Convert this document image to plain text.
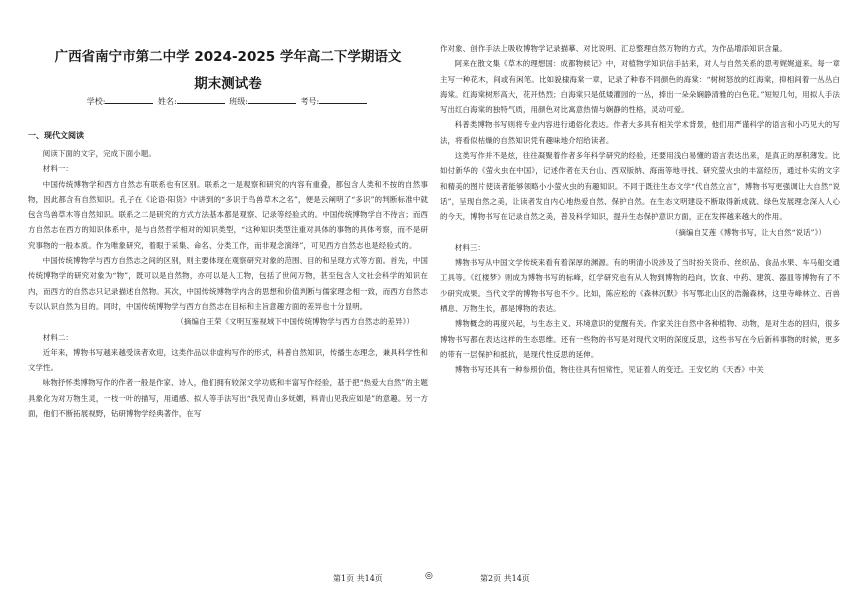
广西省南宁市第二中学 2024-2025 学年高二下学期语文
期末测试卷
学校:	姓名:	班级:	考号:
一、现代文阅读

阅读下面的文字，完成下面小题。

材料一：

中国传统博物学和西方自然志有联系也有区别。联系之一是观察和研究的内容有重叠，都包含人类和不按的自然事物，因此都含有自然知识。孔子在《论语·阳货》中讲到的“多识于鸟兽草木之名”，便是云阐明了“多识”的判断标准中就包含鸟兽草木等自然知识。联系之二是研究的方式方法基本都是观察、记录等经验式的。中国传统博物学自不待言；而西方自然志在西方的知识体系中，是与自然哲学相对的知识类型，“这种知识类型注重对具体的事物的具体考察，而不是研究事物的一般本质。作为唯象研究，着眼于采集、命名、分类工作，而非观念演绎”，可见西方自然志也是经验式的。

中国传统博物学与西方自然志之间的区别，则主要体现在观察研究对象的范围、目的和呈现方式等方面。首先，中国传统博物学的研究对象为“物”，既可以是自然物，亦可以是人工物，包括了世间万物，甚至包含人文社会科学的知识在内，而西方的自然志只记录描述自然物。其次，中国传统博物学内含的思想和价值判断与儒家理念相一致，而西方自然志专以认识自然为目的。同时，中国传统博物学与西方自然志在目标和主旨意趣方面的差异也十分显明。

（摘编自王荣《文明互鉴视域下中国传统博物学与西方自然志的差异》）

材料二：

近年来，博物书写越来越受读者欢迎，这类作品以非虚构写作的形式，科普自然知识，传播生态理念，兼具科学性和文学性。

咏物抒怀类博物写作的作者一般是作家、诗人，他们拥有较深文学功底和丰富写作经验，基于把“热爱大自然”的主题具象化为对万物生灵，一枝一叶的描写，用通感、拟人等手法写出“我见青山多妩媚，料青山见我应如是”的意趣。另一方面，他们不断拓展视野，钻研博物学经典著作，在写

作对象、创作手法上吸收博物学记录描摹、对比说明、汇总整理自然万物的方式，为作品增添知识含量。

阿来在散文集《草木的理想国：成都物候记》中，对植物学知识信手拈来，对人与自然关系的思考娓娓道来。每一章主写一种花木，间或有闲笔。比如貌棣海棠一章，记录了种春不同颜色的海棠：“树树怒放的红海棠，抑相间着一丛丛白海棠。红海棠树形高大，花开热烈；白海棠只是低矮灌园的一丛，捧出一朵朵娴静清雅的白色花。”短短几句，用拟人手法写出红白海棠的独特气质，用颜色对比寓意热情与娴静的性格，灵动可爱。

科普类博物书写则将专业内容进行通俗化表达。作者大多具有相关学术背景，他们用严谨科学的语言和小巧见大的写法，将看似枯燥的自然知识凭有趣味地介绍给读者。

这类写作并不是炫，往往凝聚着作者多年科学研究的经验，还要用浅白易懂的语言表达出来，是真正的厚积薄发。比如付新华的《萤火虫在中国》，记述作者在天台山、西双版纳、海南等地寻找、研究萤火虫的丰富经历，通过朴实的文字和精美的图片使读者能够领略小小萤火虫的有趣知识。不同于既往生态文学“代自然立言”，博物书写更强调让大自然“说话”，呈现自然之美，让读者发自内心地热爱自然、保护自然。在生态文明建设不断取得新成就、绿色发展理念深入人心的今天，博物书写在记录自然之美，普及科学知识，提升生态保护意识方面，正在发挥越来越大的作用。

（摘编自艾莲《博物书写，让大自然“说话”》）

材料三：

博物书写从中国文学传统来看有着深厚的渊源。有的明清小说涉及了当时扮关货币、丝织品、食品水果、车马船交通工具等。《红楼梦》则成为博物书写的标峰，红学研究也有从人物到博物的趋向，饮食、中药、建筑、器皿等博物有了不少研究成果。当代文学的博物书写也不少。比如，陈应松的《森林沉默》书写鄂北山区的浩瀚森林，这里寺峰林立、百兽栖息、万物生长，都是博物的表达。

博物概念的再度兴起，与生态主义、环境意识的觉醒有关。作家关注自然中各种植物、动物，是对生态的回归，很多博物书写都在表达这样的生态思维。还有一些物的书写是对现代文明的深度反思，这些书写在今后新科事物的时候，更多的带有一层保护和抵抗，是现代性反思的延伸。

博物书写还具有一种参照价值，物往往具有恒常性，见证着人的变迁。王安忆的《天香》中关

第1页 共14页	◎	第2页 共14页
